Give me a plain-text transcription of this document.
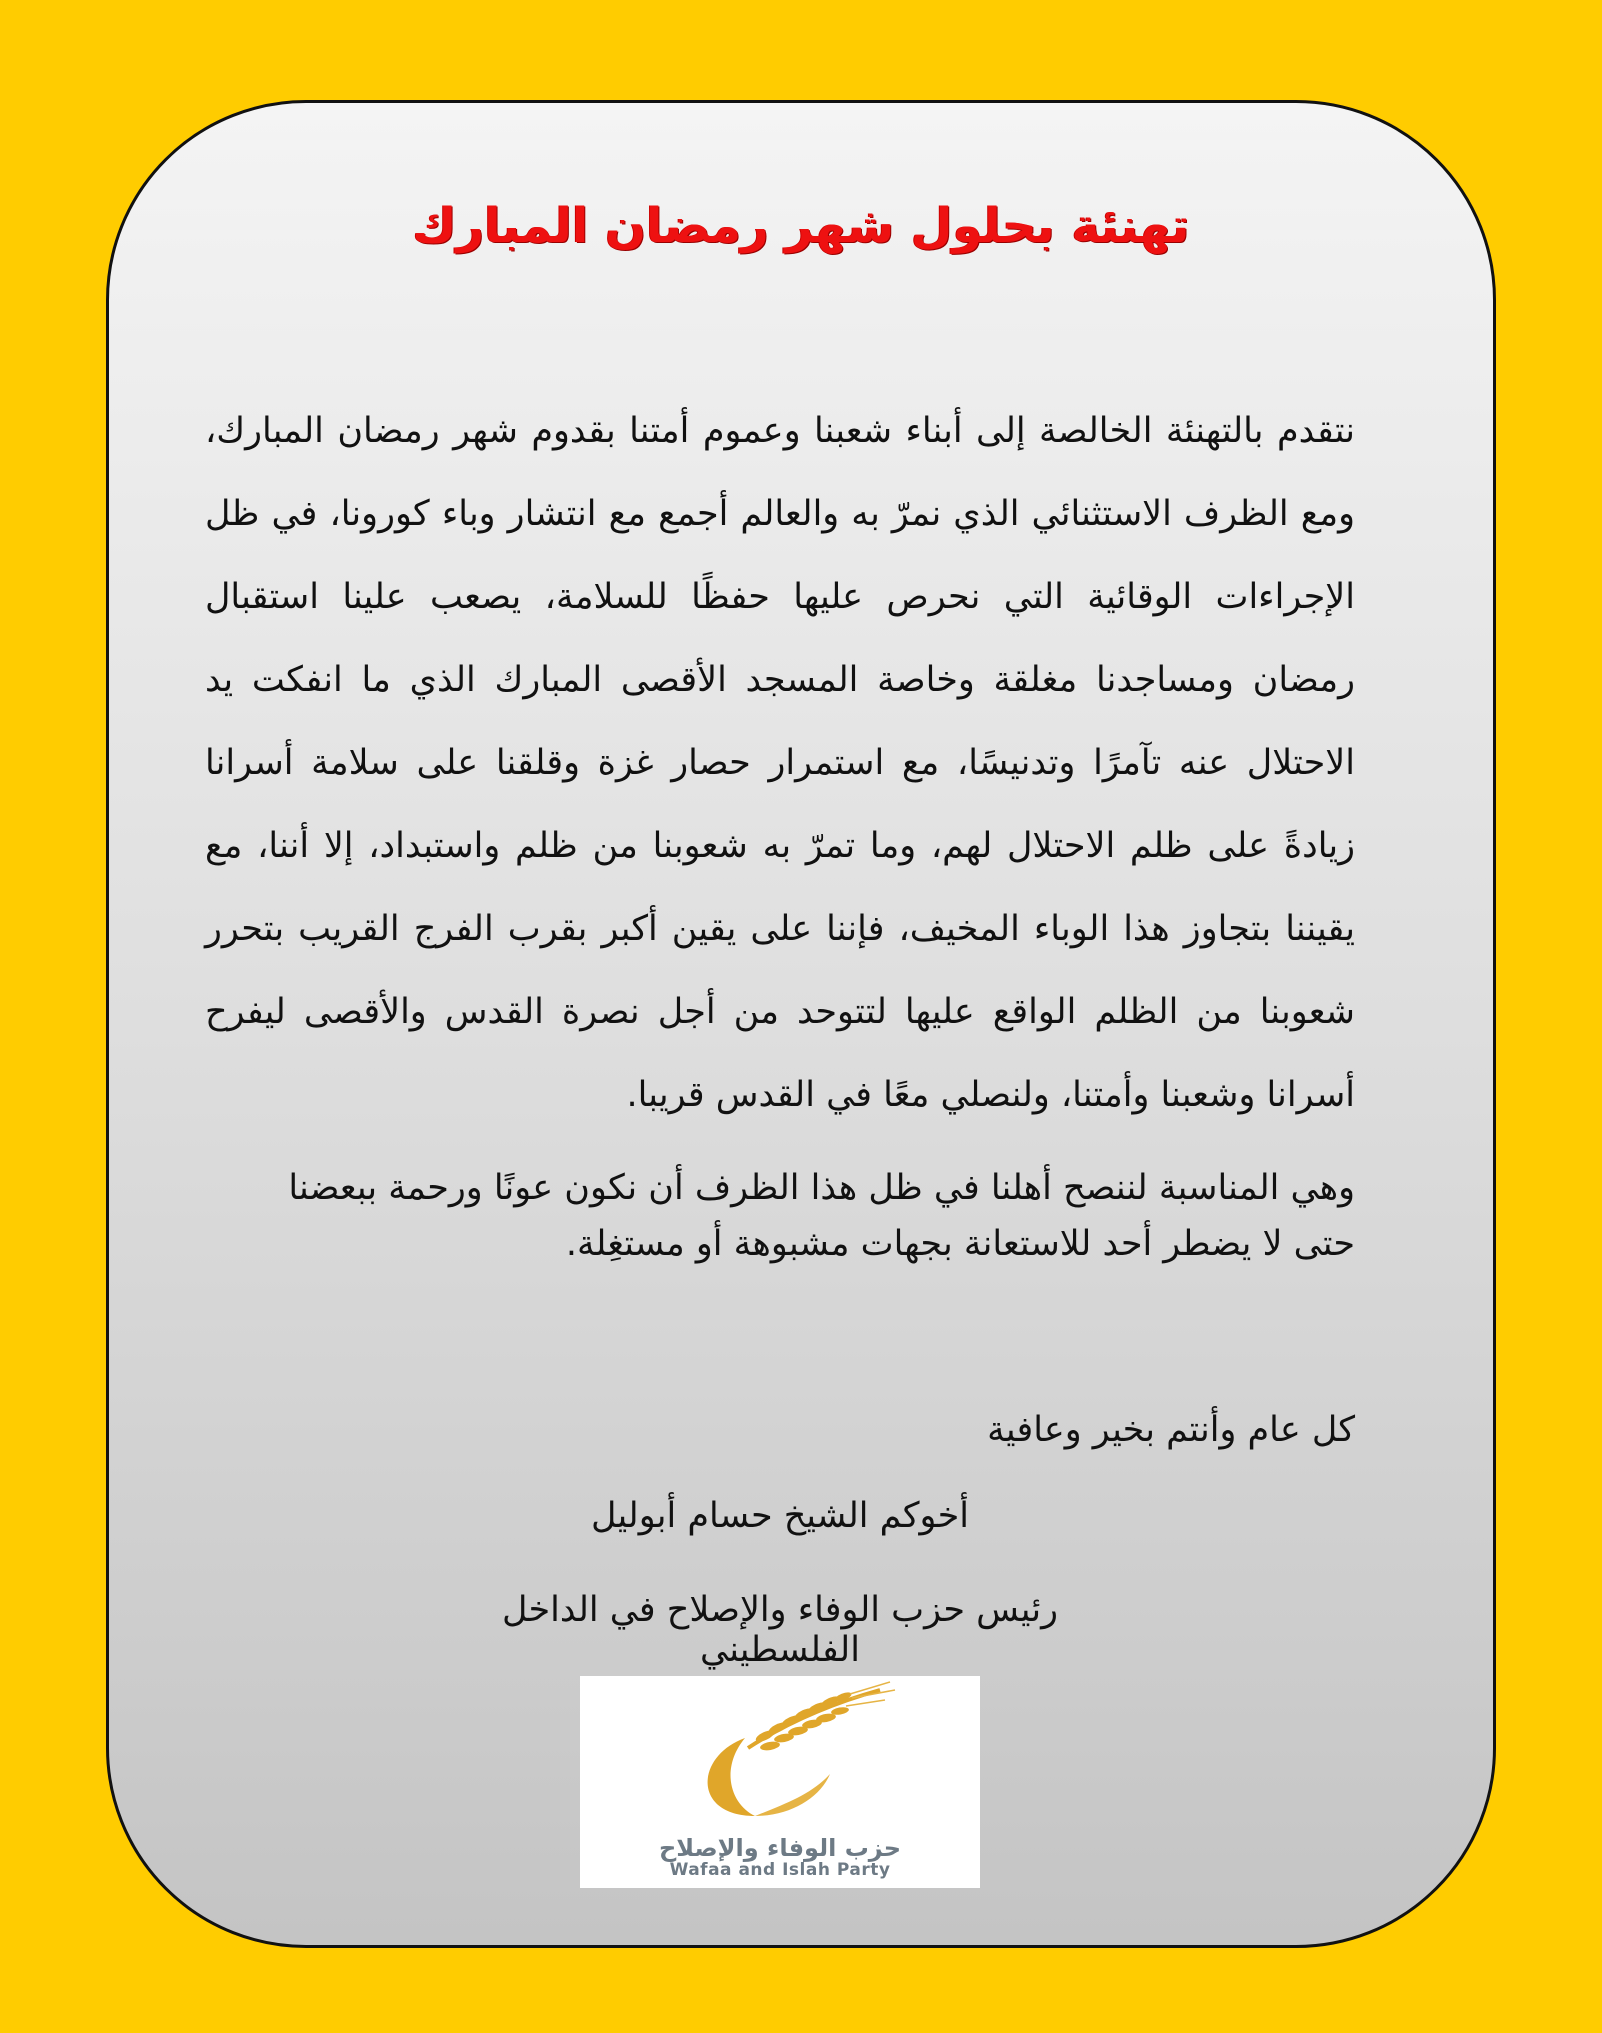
تهنئة بحلول شهر رمضان المبارك
نتقدم بالتهنئة الخالصة إلى أبناء شعبنا وعموم أمتنا بقدوم شهر رمضان المبارك، ومع الظرف الاستثنائي الذي نمرّ به والعالم أجمع مع انتشار وباء كورونا، في ظل الإجراءات الوقائية التي نحرص عليها حفظًا للسلامة، يصعب علينا استقبال رمضان ومساجدنا مغلقة وخاصة المسجد الأقصى المبارك الذي ما انفكت يد الاحتلال عنه تآمرًا وتدنيسًا، مع استمرار حصار غزة وقلقنا على سلامة أسرانا زيادةً على ظلم الاحتلال لهم، وما تمرّ به شعوبنا من ظلم واستبداد، إلا أننا، مع يقيننا بتجاوز هذا الوباء المخيف، فإننا على يقين أكبر بقرب الفرج القريب بتحرر شعوبنا من الظلم الواقع عليها لتتوحد من أجل نصرة القدس والأقصى ليفرح أسرانا وشعبنا وأمتنا، ولنصلي معًا في القدس قريبا.
وهي المناسبة لننصح أهلنا في ظل هذا الظرف أن نكون عونًا ورحمة ببعضنا حتى لا يضطر أحد للاستعانة بجهات مشبوهة أو مستغِلة.
كل عام وأنتم بخير وعافية
أخوكم الشيخ حسام أبوليل
رئيس حزب الوفاء والإصلاح في الداخل الفلسطيني
حزب الوفاء والإصلاح
Wafaa and Islah Party
